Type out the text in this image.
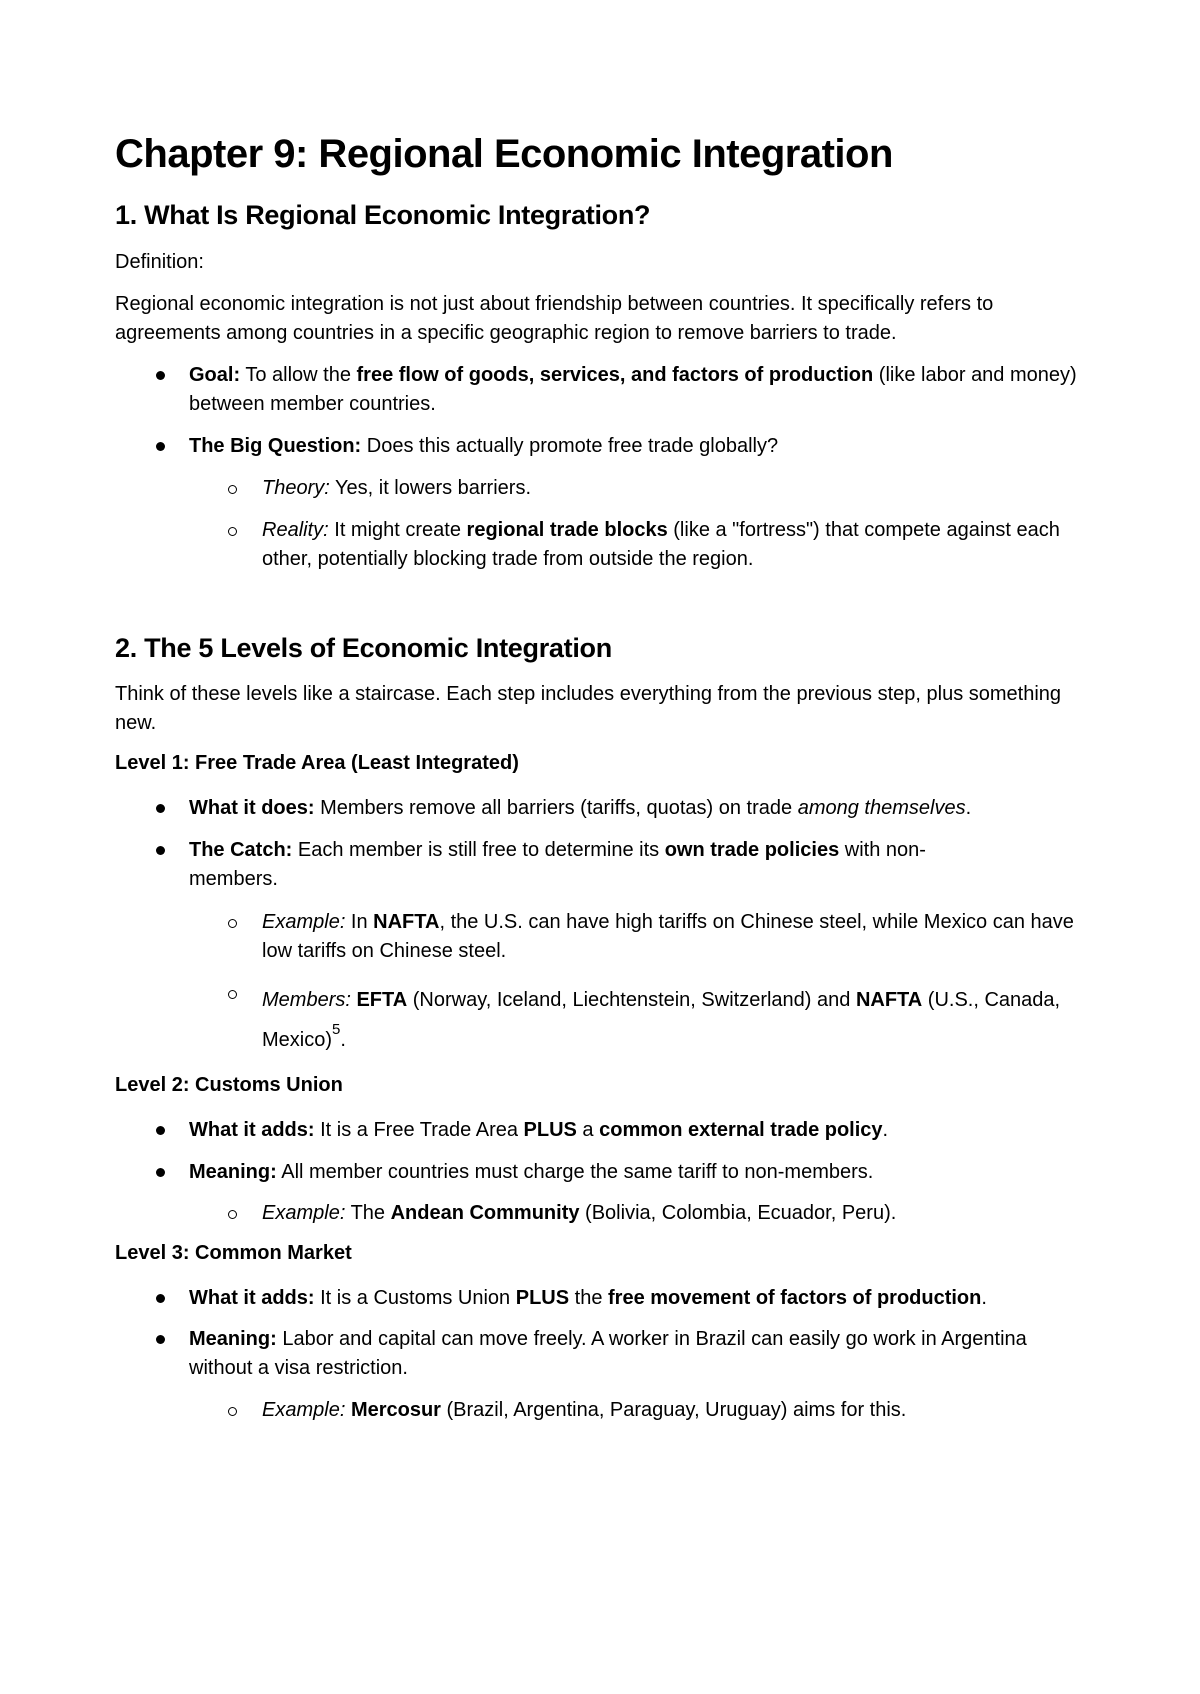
Chapter 9: Regional Economic Integration
1. What Is Regional Economic Integration?

Definition:

Regional economic integration is not just about friendship between countries. It specifically refers to agreements among countries in a specific geographic region to remove barriers to trade.

Goal: To allow the free flow of goods, services, and factors of production (like labor and money) between member countries.

The Big Question: Does this actually promote free trade globally?

Theory: Yes, it lowers barriers.

Reality: It might create regional trade blocks (like a "fortress") that compete against each other, potentially blocking trade from outside the region.

2. The 5 Levels of Economic Integration

Think of these levels like a staircase. Each step includes everything from the previous step, plus something new.

Level 1: Free Trade Area (Least Integrated)

What it does: Members remove all barriers (tariffs, quotas) on trade among themselves.

The Catch: Each member is still free to determine its own trade policies with non-members.

Example: In NAFTA, the U.S. can have high tariffs on Chinese steel, while Mexico can have low tariffs on Chinese steel.

Members: EFTA (Norway, Iceland, Liechtenstein, Switzerland) and NAFTA (U.S., Canada, Mexico)$^5$.

Level 2: Customs Union

What it adds: It is a Free Trade Area PLUS a common external trade policy.

Meaning: All member countries must charge the same tariff to non-members.

Example: The Andean Community (Bolivia, Colombia, Ecuador, Peru).

Level 3: Common Market

What it adds: It is a Customs Union PLUS the free movement of factors of production.

Meaning: Labor and capital can move freely. A worker in Brazil can easily go work in Argentina without a visa restriction.

Example: Mercosur (Brazil, Argentina, Paraguay, Uruguay) aims for this.
